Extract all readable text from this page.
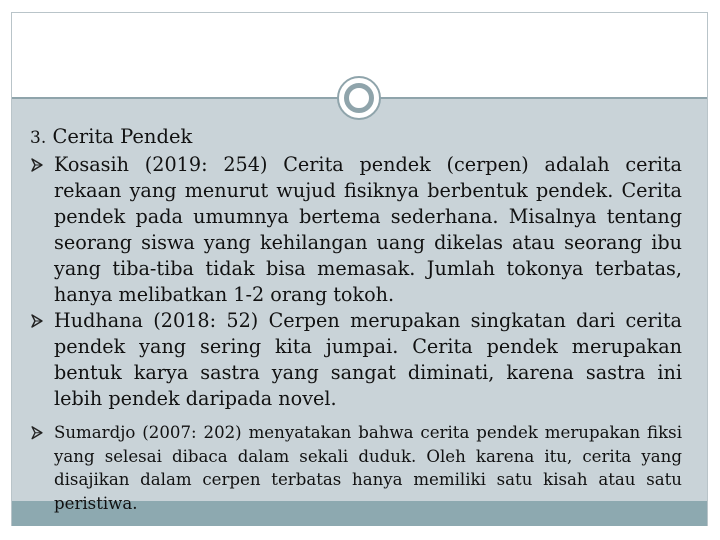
3. Cerita Pendek

Kosasih (2019: 254) Cerita pendek (cerpen) adalah cerita rekaan yang menurut wujud fisiknya berbentuk pendek. Cerita pendek pada umumnya bertema sederhana. Misalnya tentang seorang siswa yang kehilangan uang dikelas atau seorang ibu yang tiba-tiba tidak bisa memasak. Jumlah tokonya terbatas, hanya melibatkan 1-2 orang tokoh.

Hudhana (2018: 52) Cerpen merupakan singkatan dari cerita pendek yang sering kita jumpai. Cerita pendek merupakan bentuk karya sastra yang sangat diminati, karena sastra ini lebih pendek daripada novel.

Sumardjo (2007: 202) menyatakan bahwa cerita pendek merupakan fiksi yang selesai dibaca dalam sekali duduk. Oleh karena itu, cerita yang disajikan dalam cerpen terbatas hanya memiliki satu kisah atau satu peristiwa.
